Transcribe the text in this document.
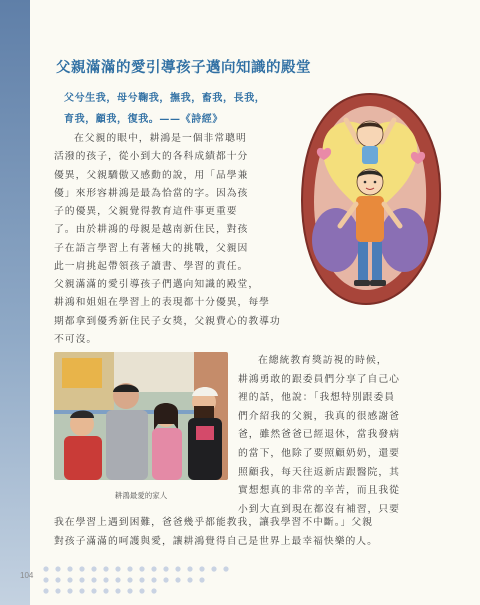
父親滿滿的愛引導孩子邁向知識的殿堂
父兮生我，母兮鞠我，撫我，畜我，長我，
育我，顧我，復我。——《詩經》
在父親的眼中，耕鴻是一個非常聰明
活潑的孩子，從小到大的各科成績都十分
優異，父親驕傲又感動的說，用「品學兼
優」來形容耕鴻是最為恰當的字。因為孩
子的優異，父親覺得教育這件事更重要
了。由於耕鴻的母親是越南新住民，對孩
子在語言學習上有著極大的挑戰，父親因
此一肩挑起帶領孩子讀書、學習的責任。
父親滿滿的愛引導孩子們邁向知識的殿堂，
耕鴻和姐姐在學習上的表現都十分優異，每學
期都拿到優秀新住民子女獎，父親費心的教導功
不可沒。
耕鴻最愛的家人
在總統教育獎訪視的時候，
耕鴻勇敢的跟委員們分享了自己心
裡的話，他說：「我想特別跟委員
們介紹我的父親，我真的很感謝爸
爸，雖然爸爸已經退休，當我發病
的當下，他除了要照顧奶奶，還要
照顧我，每天往返新店跟醫院，其
實想想真的非常的辛苦，而且我從
小到大直到現在都沒有補習，只要
我在學習上遇到困難，爸爸幾乎都能教我，讓我學習不中斷。」父親
對孩子滿滿的呵護與愛，讓耕鴻覺得自己是世界上最幸福快樂的人。
104
